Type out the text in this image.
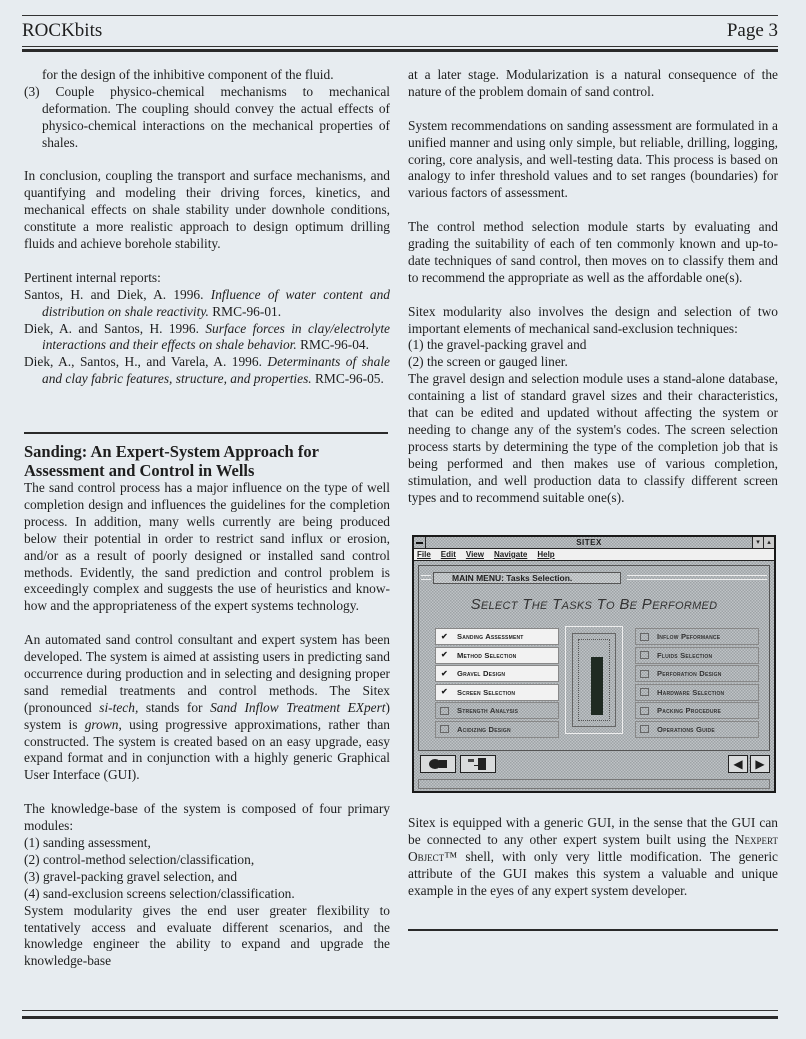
ROCKbits	Page 3

for the design of the inhibitive component of the fluid.

(3) Couple physico-chemical mechanisms to mechanical deformation. The coupling should convey the actual effects of physico-chemical interactions on the mechanical properties of shales.

In conclusion, coupling the transport and surface mechanisms, and quantifying and modeling their driving forces, kinetics, and mechanical effects on shale stability under downhole conditions, constitute a more realistic approach to design optimum drilling fluids and achieve borehole stability.

Pertinent internal reports:

Santos, H. and Diek, A. 1996. Influence of water content and distribution on shale reactivity. RMC-96-01.

Diek, A. and Santos, H. 1996. Surface forces in clay/electrolyte interactions and their effects on shale behavior. RMC-96-04.

Diek, A., Santos, H., and Varela, A. 1996. Determinants of shale and clay fabric features, structure, and properties. RMC-96-05.

Sanding: An Expert-System Approach for Assessment and Control in Wells

The sand control process has a major influence on the type of well completion design and influences the guidelines for the completion process. In addition, many wells currently are being produced below their potential in order to restrict sand influx or erosion, and/or as a result of poorly designed or installed sand control methods. Evidently, the sand prediction and control problem is exceedingly complex and suggests the use of heuristics and know-how and the appropriateness of the expert systems technology.

An automated sand control consultant and expert system has been developed. The system is aimed at assisting users in predicting sand occurrence during production and in selecting and designing proper sand remedial treatments and control methods. The Sitex (pronounced si-tech, stands for Sand Inflow Treatment EXpert) system is grown, using progressive approximations, rather than constructed. The system is created based on an easy upgrade, easy expand format and in conjunction with a highly generic Graphical User Interface (GUI).

The knowledge-base of the system is composed of four primary modules:

(1) sanding assessment,

(2) control-method selection/classification,

(3) gravel-packing gravel selection, and

(4) sand-exclusion screens selection/classification.

System modularity gives the end user greater flexibility to tentatively access and evaluate different scenarios, and the knowledge engineer the ability to expand and upgrade the knowledge-base

at a later stage. Modularization is a natural consequence of the nature of the problem domain of sand control.

System recommendations on sanding assessment are formulated in a unified manner and using only simple, but reliable, drilling, logging, coring, core analysis, and well-testing data. This process is based on analogy to infer threshold values and to set ranges (boundaries) for various factors of assessment.

The control method selection module starts by evaluating and grading the suitability of each of ten commonly known and up-to-date techniques of sand control, then moves on to classify them and to recommend the appropriate as well as the affordable one(s).

Sitex modularity also involves the design and selection of two important elements of mechanical sand-exclusion techniques:

(1) the gravel-packing gravel and

(2) the screen or gauged liner.

The gravel design and selection module uses a stand-alone database, containing a list of standard gravel sizes and their characteristics, that can be edited and updated without affecting the system or needing to change any of the system's codes. The screen selection process starts by determining the type of the completion job that is being performed and then makes use of various completion, stimulation, and well production data to classify different screen types and to recommend suitable one(s).

SITEX	▾	▴
File Edit View Navigate Help
MAIN MENU: Tasks Selection.
Select The Tasks To Be Performed
✔ Sanding Assessment
✔ Method Selection
✔ Gravel Design
✔ Screen Selection
Strength Analysis
Acidizing Design
Inflow Peformance
Fluids Selection
Perforation Design
Hardware Selection
Packing Procedure
Operations Guide
◀	▶

Sitex is equipped with a generic GUI, in the sense that the GUI can be connected to any other expert system built using the Nexpert Object™ shell, with only very little modification. The generic attribute of the GUI makes this system a valuable and unique example in the eyes of any expert system developer.
